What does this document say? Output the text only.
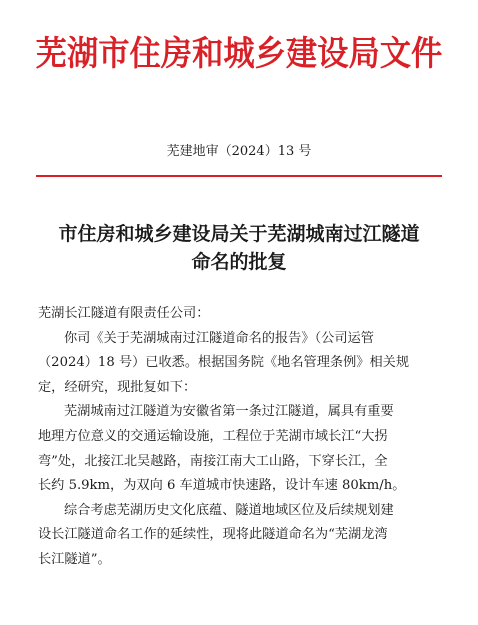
芜湖市住房和城乡建设局文件
芜建地审（2024）13 号
市住房和城乡建设局关于芜湖城南过江隧道
命名的批复
芜湖长江隧道有限责任公司：
你司《关于芜湖城南过江隧道命名的报告》（公司运管
（2024）18 号）已收悉。根据国务院《地名管理条例》相关规
定，经研究，现批复如下：
芜湖城南过江隧道为安徽省第一条过江隧道，属具有重要
地理方位意义的交通运输设施，工程位于芜湖市域长江“大拐
弯”处，北接江北吴越路，南接江南大工山路，下穿长江，全
长约 5.9km，为双向 6 车道城市快速路，设计车速 80km/h。
综合考虑芜湖历史文化底蕴、隧道地域区位及后续规划建
设长江隧道命名工作的延续性，现将此隧道命名为“芜湖龙湾
长江隧道”。
